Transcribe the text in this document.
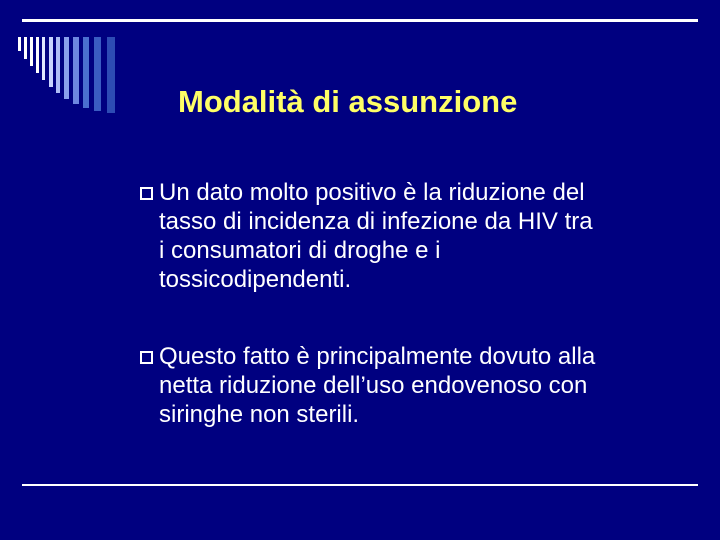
Modalità di assunzione
Un dato molto positivo è la riduzione del
tasso di incidenza di infezione da HIV tra
i consumatori di droghe e i
tossicodipendenti.
Questo fatto è principalmente dovuto alla
netta riduzione dell’uso endovenoso con
siringhe non sterili.
